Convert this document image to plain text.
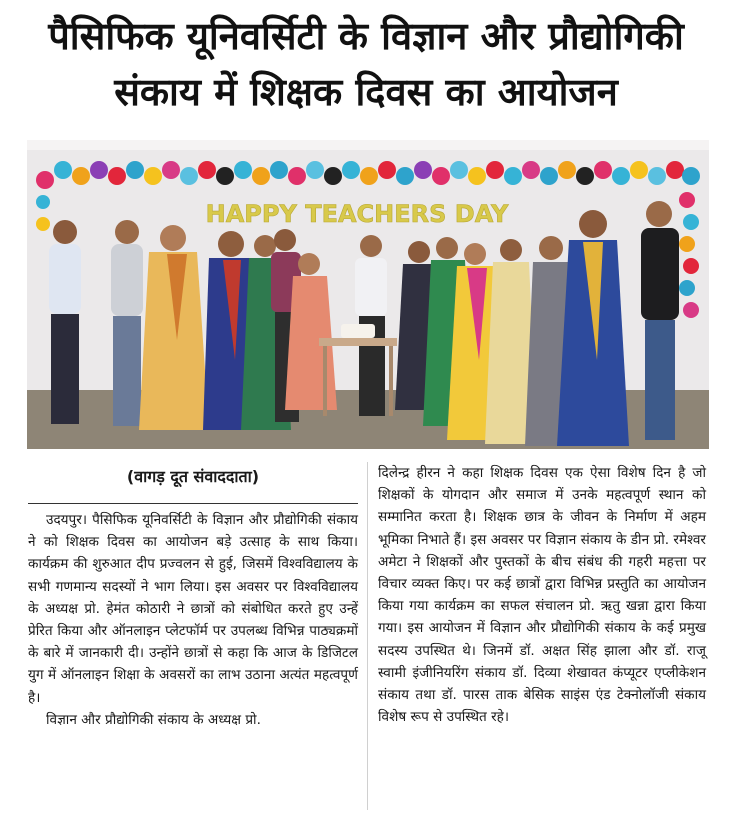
पैसिफिक यूनिवर्सिटी के विज्ञान और प्रौद्योगिकी
संकाय में शिक्षक दिवस का आयोजन
HAPPY TEACHERS DAY
(वागड़ दूत संवाददाता)

उदयपुर। पैसिफिक यूनिवर्सिटी के विज्ञान और प्रौद्योगिकी संकाय ने को शिक्षक दिवस का आयोजन बड़े उत्साह के साथ किया। कार्यक्रम की शुरुआत दीप प्रज्वलन से हुई, जिसमें विश्वविद्यालय के सभी गणमान्य सदस्यों ने भाग लिया। इस अवसर पर विश्वविद्यालय के अध्यक्ष प्रो. हेमंत कोठारी ने छात्रों को संबोधित करते हुए उन्हें प्रेरित किया और ऑनलाइन प्लेटफॉर्म पर उपलब्ध विभिन्न पाठ्यक्रमों के बारे में जानकारी दी। उन्होंने छात्रों से कहा कि आज के डिजिटल युग में ऑनलाइन शिक्षा के अवसरों का लाभ उठाना अत्यंत महत्वपूर्ण है।

विज्ञान और प्रौद्योगिकी संकाय के अध्यक्ष प्रो.

दिलेन्द्र हीरन ने कहा शिक्षक दिवस एक ऐसा विशेष दिन है जो शिक्षकों के योगदान और समाज में उनके महत्वपूर्ण स्थान को सम्मानित करता है। शिक्षक छात्र के जीवन के निर्माण में अहम भूमिका निभाते हैं। इस अवसर पर विज्ञान संकाय के डीन प्रो. रमेश्वर अमेटा ने शिक्षकों और पुस्तकों के बीच संबंध की गहरी महत्ता पर विचार व्यक्त किए। पर कई छात्रों द्वारा विभिन्न प्रस्तुति का आयोजन किया गया कार्यक्रम का सफल संचालन प्रो. ऋतु खन्ना द्वारा किया गया। इस आयोजन में विज्ञान और प्रौद्योगिकी संकाय के कई प्रमुख सदस्य उपस्थित थे। जिनमें डॉ. अक्षत सिंह झाला और डॉ. राजू स्वामी इंजीनियरिंग संकाय डॉ. दिव्या शेखावत कंप्यूटर एप्लीकेशन संकाय तथा डॉ. पारस ताक बेसिक साइंस एंड टेक्नोलॉजी संकाय विशेष रूप से उपस्थित रहे।
